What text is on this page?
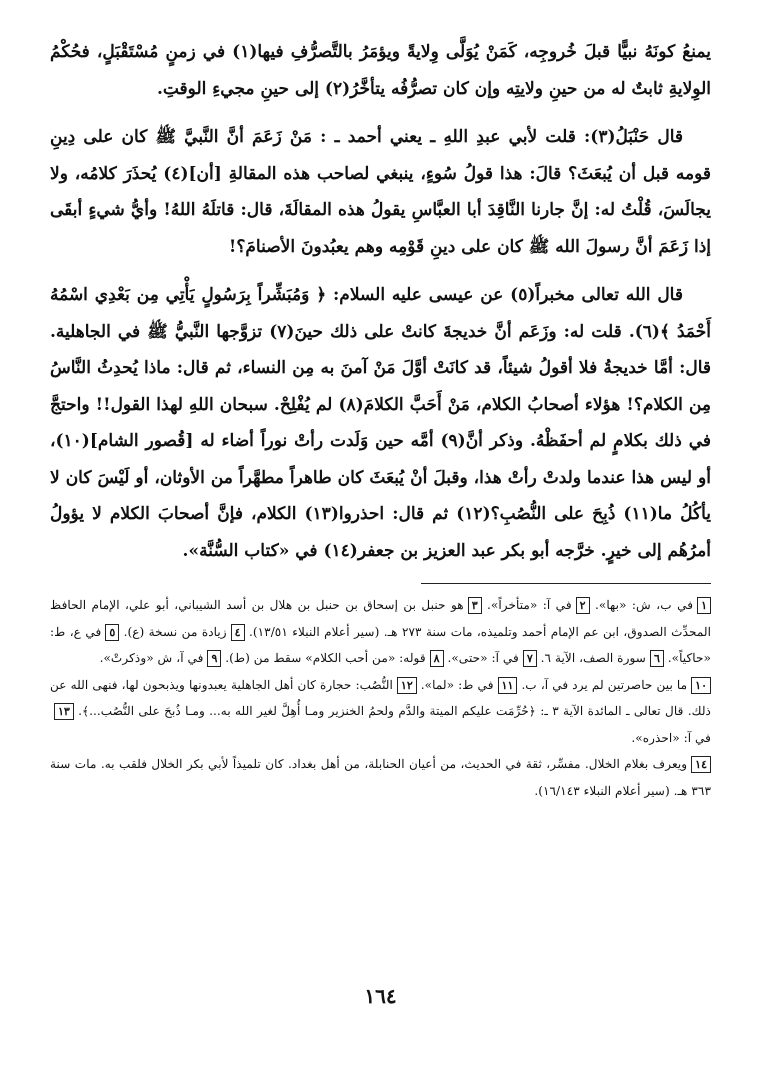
يمنعُ كونَهُ نبيًّا قبلَ خُروجِه، كَمَنْ يُوَلَّى وِلايةً ويؤمَرُ بالتَّصرُّفِ فيها(١) في زمنٍ مُسْتَقْبَلٍ، فحُكْمُ الوِلايةِ ثابتٌ له من حينِ ولايتِه وإن كان تصرُّفُه يتأخَّرُ(٢) إلى حينِ مجيءِ الوقتِ.

قال حَنْبَلُ(٣): قلت لأبي عبدِ اللهِ ـ يعني أحمد ـ : مَنْ زَعَمَ أنَّ النَّبيَّ ﷺ كان على دِينِ قومه قبل أن يُبعَثَ؟ قالَ: هذا قولُ سُوءٍ، ينبغي لصاحب هذه المقالةِ [أن](٤) يُحذَرَ كلامُه، ولا يجالَسَ، قُلْتُ له: إنَّ جارنا النَّاقِدَ أبا العبَّاسِ يقولُ هذه المقالَةَ، قال: قاتلَهُ اللهُ! وأيُّ شيءٍ أبقَى إذا زَعَمَ أنَّ رسولَ الله ﷺ كان على دينِ قَوْمِه وهم يعبُدونَ الأصنامَ؟!

قال الله تعالى مخبراً(٥) عن عيسى عليه السلام: ﴿ وَمُبَشِّراً بِرَسُولٍ يَأْتِي مِن بَعْدِي اسْمُهُ أَحْمَدُ ﴾(٦). قلت له: وزَعَم أنَّ خديجةَ كانتْ على ذلك حينَ(٧) تزوَّجها النَّبيُّ ﷺ في الجاهلية. قال: أمَّا خديجةُ فلا أقولُ شيئاً، قد كانَتْ أوَّلَ مَنْ آمنَ به مِن النساء، ثم قال: ماذا يُحدِثُ النَّاسُ مِن الكلام؟! هؤلاء أصحابُ الكلام، مَنْ أَحَبَّ الكلامَ(٨) لم يُفْلِحْ. سبحان اللهِ لهذا القول!! واحتجَّ في ذلك بكلامٍ لم أحفَظْهُ. وذكر أنَّ(٩) أمَّه حين وَلَدت رأتْ نوراً أضاء له [قُصور الشام](١٠)، أو ليس هذا عندما ولدتْ رأتْ هذا، وقبلَ أنْ يُبعَثَ كان طاهراً مطهَّراً من الأوثان، أو لَيْسَ كان لا يأكُلُ ما(١١) ذُبِحَ على النُّصُبِ؟(١٢) ثم قال: احذروا(١٣) الكلام، فإنَّ أصحابَ الكلام لا يؤولُ أمرُهُم إلى خيرٍ. خرَّجه أبو بكر عبد العزيز بن جعفر(١٤) في «كتاب السُّنَّة».

١في ب، ش: «بها». ٢في آ: «متأخراً». ٣هو حنبل بن إسحاق بن حنبل بن هلال بن أسد الشيباني، أبو علي، الإمام الحافظ المحدِّث الصدوق، ابن عم الإمام أحمد وتلميذه، مات سنة ٢٧٣ هـ. (سير أعلام النبلاء ١٣/٥١). ٤زيادة من نسخة (ع). ٥في ع، ط: «حاكياً». ٦سورة الصف، الآية ٦. ٧في آ: «حتى». ٨قوله: «من أحب الكلام» سقط من (ط). ٩في آ، ش «وذكرتْ».
١٠ما بين حاصرتين لم يرد في آ، ب. ١١في ط: «لما». ١٢النُّصُب: حجارة كان أهل الجاهلية يعبدونها ويذبحون لها، فنهى الله عن ذلك. قال تعالى ـ المائدة الآية ٣ ـ: ﴿حُرِّمَت عليكم الميتة والدَّم ولحمُ الخنزير ومـا أُهِلَّ لغير الله به... ومـا ذُبحَ على النُّصُب...﴾. ١٣في آ: «احذره».
١٤ويعرف بغلام الخلال. مفسِّر، ثقة في الحديث، من أعيان الحنابلة، من أهل بغداد. كان تلميذاً لأبي بكر الخلال فلقب به. مات سنة ٣٦٣ هـ. (سير أعلام النبلاء ١٦/١٤٣).
١٦٤
